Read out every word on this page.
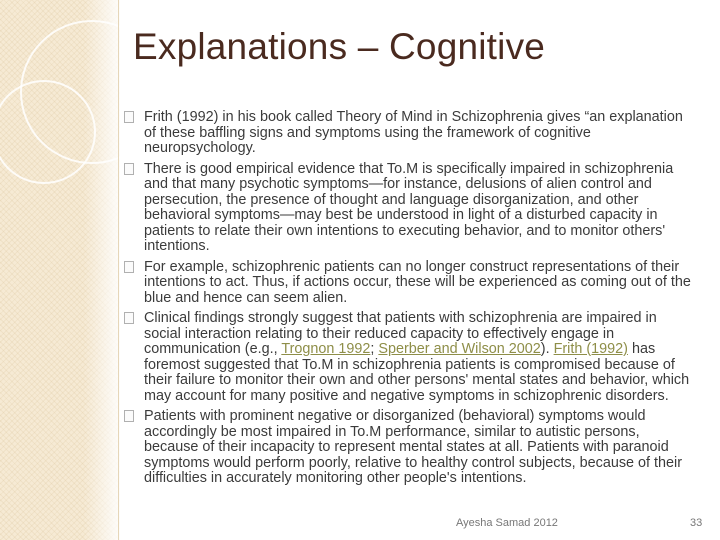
Explanations – Cognitive
Frith (1992) in his book called Theory of Mind in Schizophrenia gives “an explanation of these baffling signs and symptoms using the framework of cognitive neuropsychology.
There is good empirical evidence that To.M is specifically impaired in schizophrenia and that many psychotic symptoms—for instance, delusions of alien control and persecution, the presence of thought and language disorganization, and other behavioral symptoms—may best be understood in light of a disturbed capacity in patients to relate their own intentions to executing behavior, and to monitor others' intentions.
For example, schizophrenic patients can no longer construct representations of their intentions to act. Thus, if actions occur, these will be experienced as coming out of the blue and hence can seem alien.
Clinical findings strongly suggest that patients with schizophrenia are impaired in social interaction relating to their reduced capacity to effectively engage in communication (e.g., Trognon 1992; Sperber and Wilson 2002). Frith (1992) has foremost suggested that To.M in schizophrenia patients is compromised because of their failure to monitor their own and other persons' mental states and behavior, which may account for many positive and negative symptoms in schizophrenic disorders.
Patients with prominent negative or disorganized (behavioral) symptoms would accordingly be most impaired in To.M performance, similar to autistic persons, because of their incapacity to represent mental states at all. Patients with paranoid symptoms would perform poorly, relative to healthy control subjects, because of their difficulties in accurately monitoring other people's intentions.
Ayesha Samad 2012	33
